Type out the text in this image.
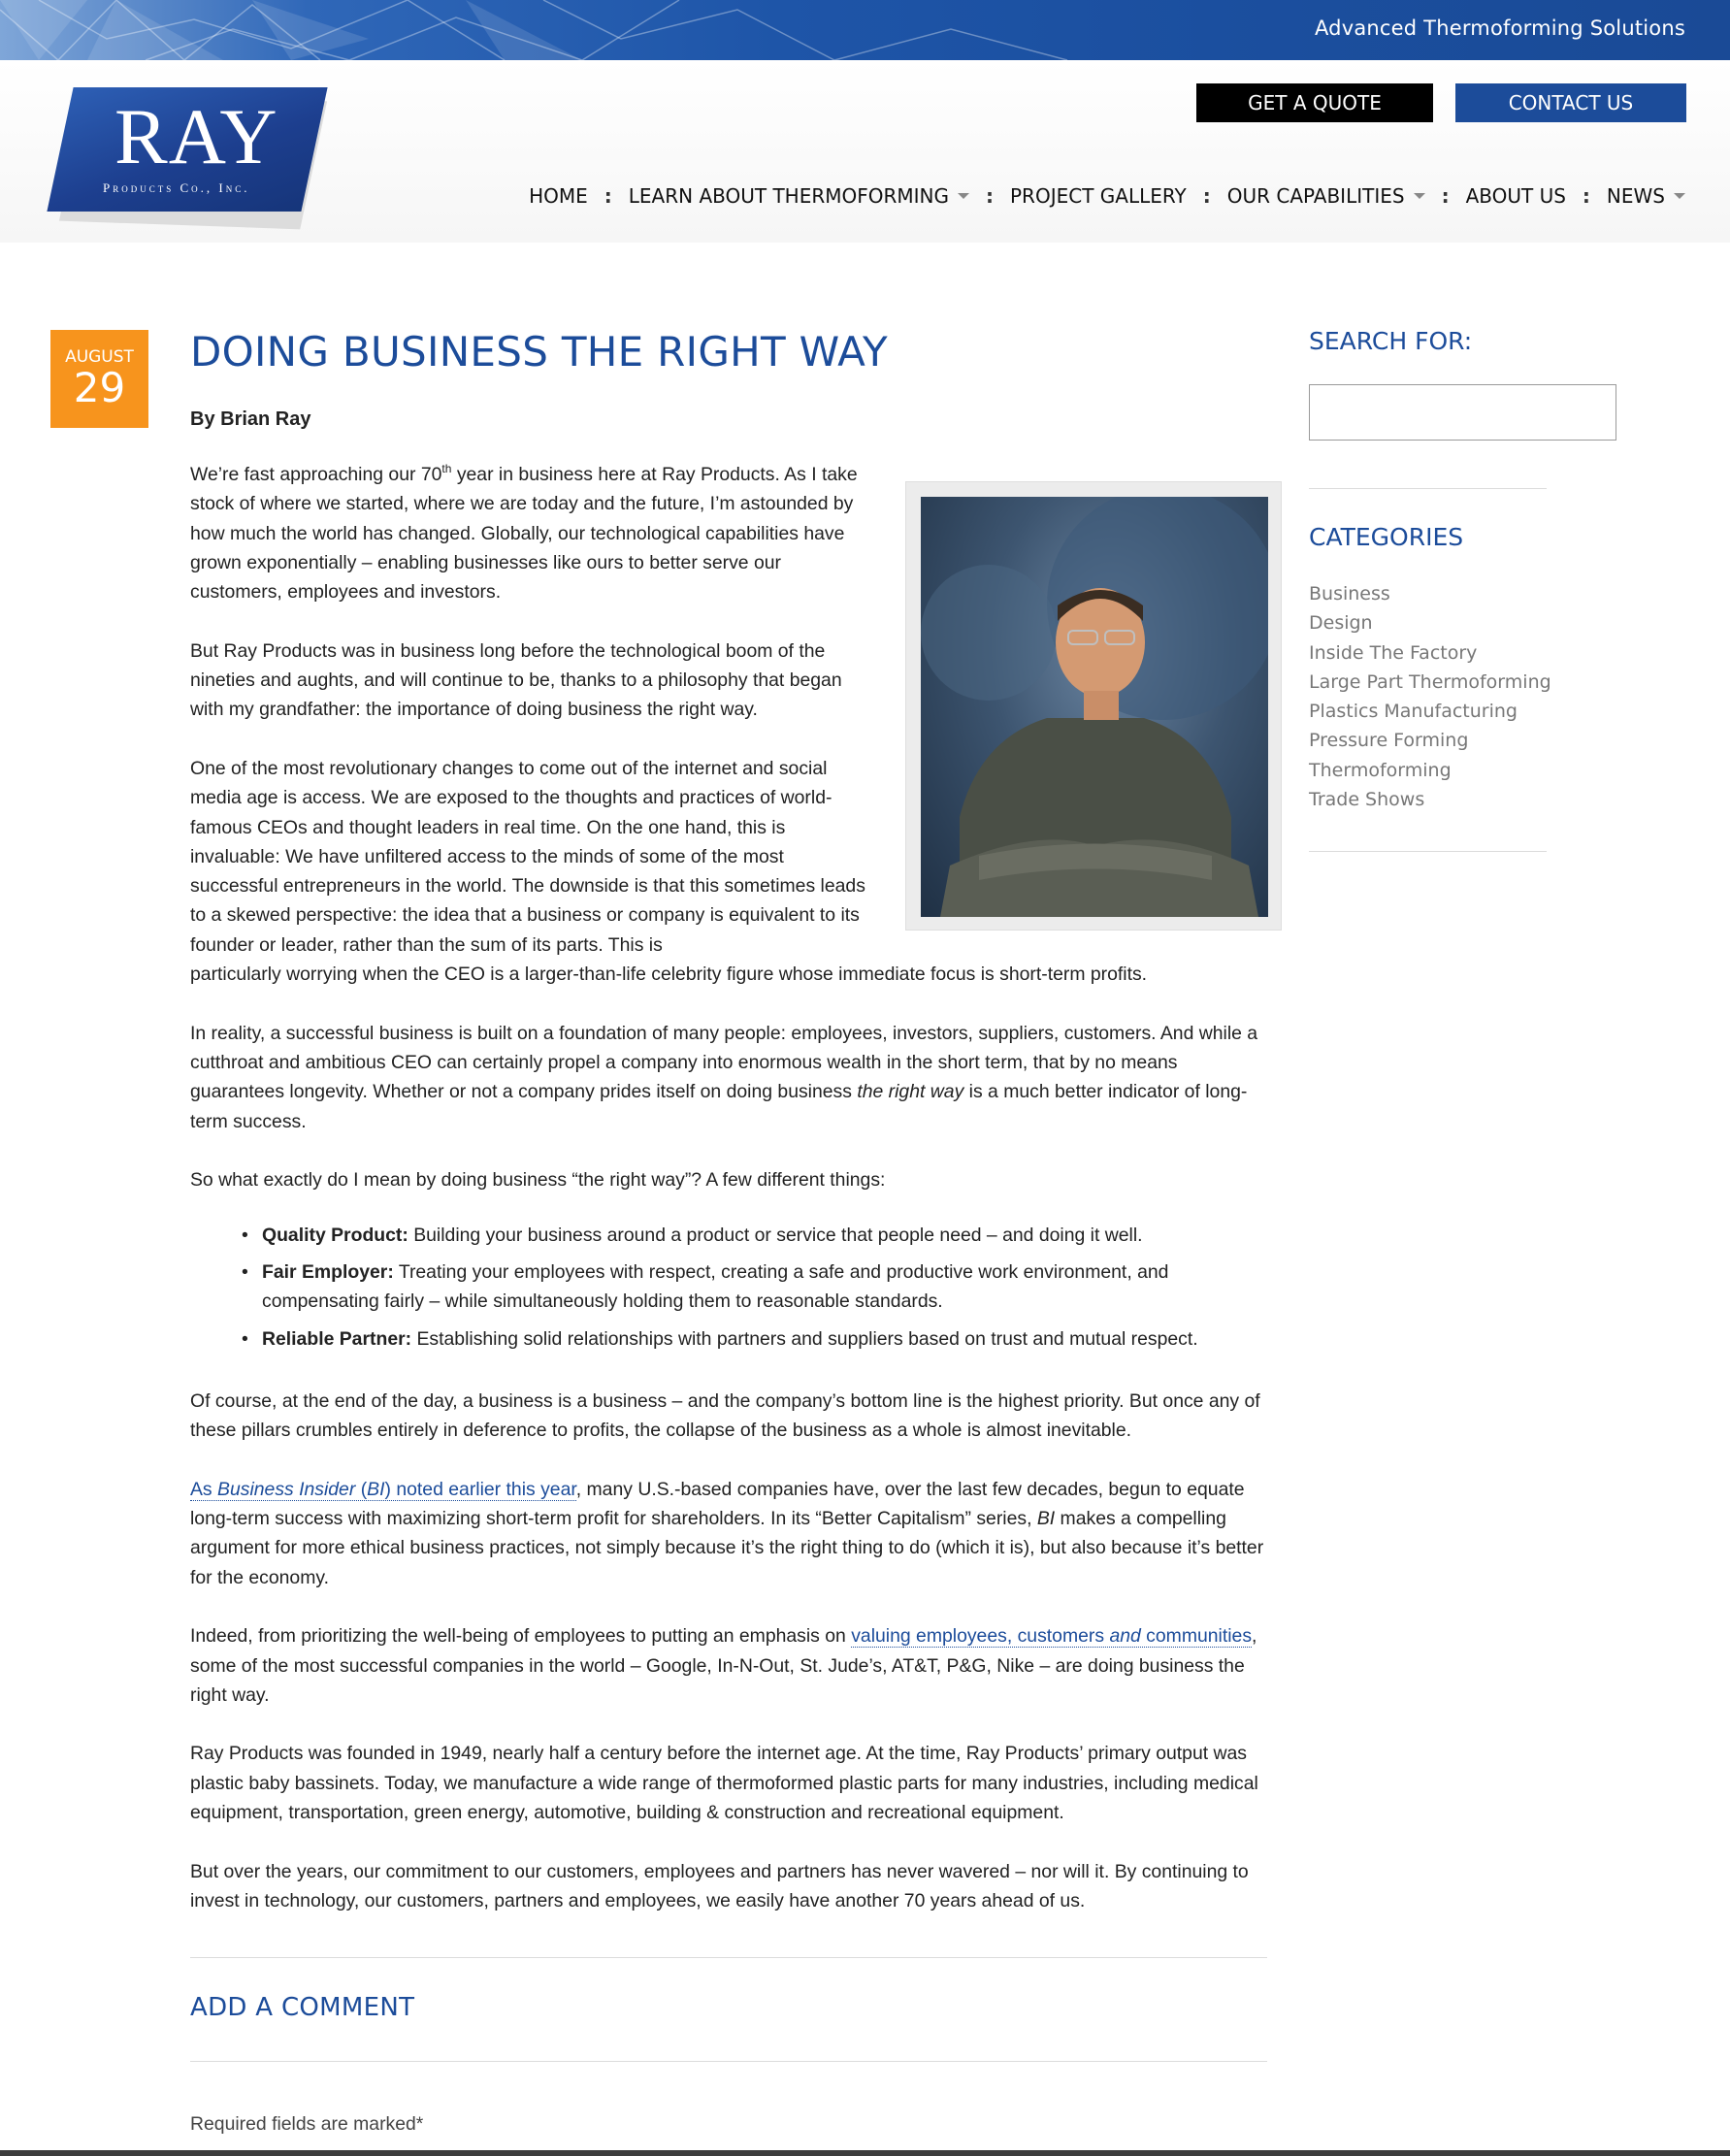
Advanced Thermoforming Solutions
RAY
Products Co., Inc.
GET A QUOTE	CONTACT US
HOME : LEARN ABOUT THERMOFORMING : PROJECT GALLERY : OUR CAPABILITIES : ABOUT US : NEWS
AUGUST
29
DOING BUSINESS THE RIGHT WAY
By Brian Ray

We’re fast approaching our 70th year in business here at Ray Products. As I take stock of where we started, where we are today and the future, I’m astounded by how much the world has changed. Globally, our technological capabilities have grown exponentially – enabling businesses like ours to better serve our customers, employees and investors.

But Ray Products was in business long before the technological boom of the nineties and aughts, and will continue to be, thanks to a philosophy that began with my grandfather: the importance of doing business the right way.

One of the most revolutionary changes to come out of the internet and social media age is access. We are exposed to the thoughts and practices of world-famous CEOs and thought leaders in real time. On the one hand, this is invaluable: We have unfiltered access to the minds of some of the most successful entrepreneurs in the world. The downside is that this sometimes leads to a skewed perspective: the idea that a business or company is equivalent to its founder or leader, rather than the sum of its parts. This is
particularly worrying when the CEO is a larger-than-life celebrity figure whose immediate focus is short-term profits.

In reality, a successful business is built on a foundation of many people: employees, investors, suppliers, customers. And while a cutthroat and ambitious CEO can certainly propel a company into enormous wealth in the short term, that by no means guarantees longevity. Whether or not a company prides itself on doing business the right way is a much better indicator of long-term success.

So what exactly do I mean by doing business “the right way”? A few different things:

• Quality Product: Building your business around a product or service that people need – and doing it well.
• Fair Employer: Treating your employees with respect, creating a safe and productive work environment, and compensating fairly – while simultaneously holding them to reasonable standards.
• Reliable Partner: Establishing solid relationships with partners and suppliers based on trust and mutual respect.

Of course, at the end of the day, a business is a business – and the company’s bottom line is the highest priority. But once any of these pillars crumbles entirely in deference to profits, the collapse of the business as a whole is almost inevitable.

As Business Insider (BI) noted earlier this year, many U.S.-based companies have, over the last few decades, begun to equate long-term success with maximizing short-term profit for shareholders. In its “Better Capitalism” series, BI makes a compelling argument for more ethical business practices, not simply because it’s the right thing to do (which it is), but also because it’s better for the economy.

Indeed, from prioritizing the well-being of employees to putting an emphasis on valuing employees, customers and communities, some of the most successful companies in the world – Google, In-N-Out, St. Jude’s, AT&T, P&G, Nike – are doing business the right way.

Ray Products was founded in 1949, nearly half a century before the internet age. At the time, Ray Products’ primary output was plastic baby bassinets. Today, we manufacture a wide range of thermoformed plastic parts for many industries, including medical equipment, transportation, green energy, automotive, building & construction and recreational equipment.

But over the years, our commitment to our customers, employees and partners has never wavered – nor will it. By continuing to invest in technology, our customers, partners and employees, we easily have another 70 years ahead of us.

ADD A COMMENT
Required fields are marked*
SEARCH FOR:
CATEGORIES
Business
Design
Inside The Factory
Large Part Thermoforming
Plastics Manufacturing
Pressure Forming
Thermoforming
Trade Shows
